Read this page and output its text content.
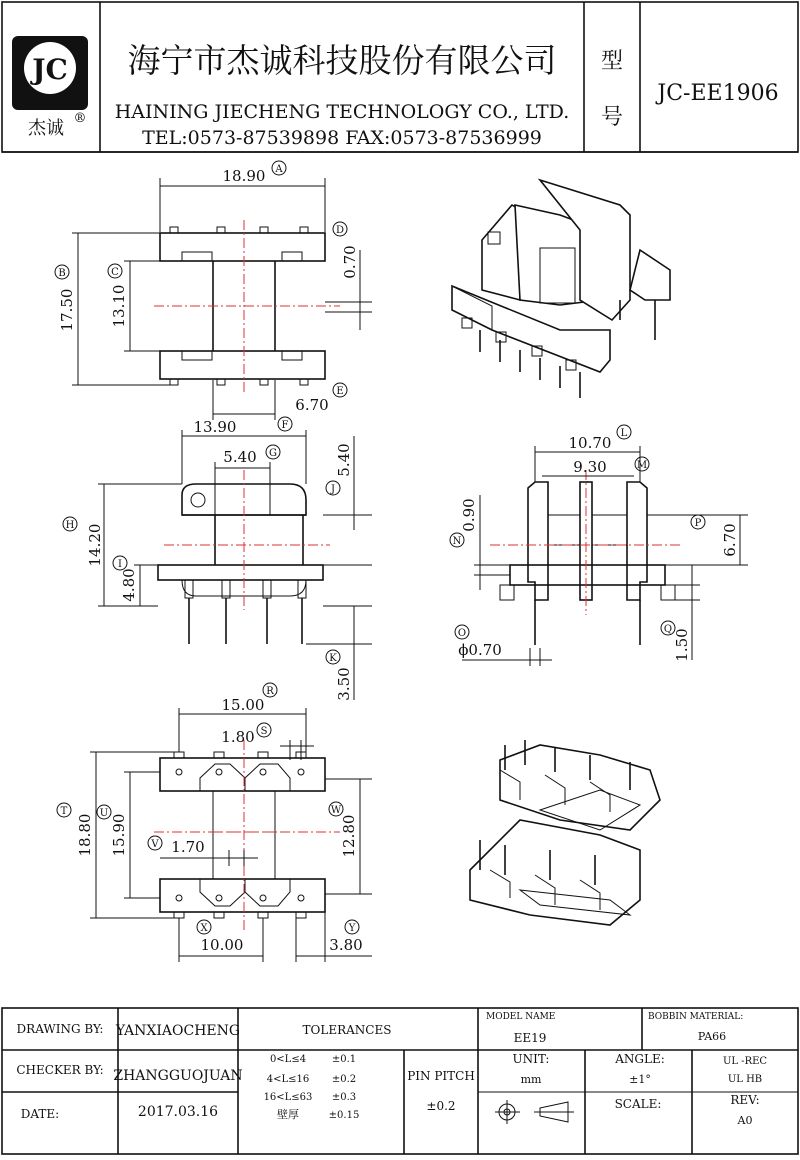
JC
杰诚 ®
海宁市杰诚科技股份有限公司
HAINING JIECHENG TECHNOLOGY CO., LTD.
TEL:0573-87539898 FAX:0573-87536999
型
号
JC-EE1906
18.90 A
17.50
B
13.10
C	0.70
D
6.70
E
13.90	F
5.40 G
14.20
H
4.80
I
5.40
J
3.50
K
10.70
L
9.30	M
0.90
N
ϕ0.70
O
6.70
P
1.50
Q
15.00
R
1.80 S
18.80
T
15.90
U
1.70
V	12.80
W
10.00
X
3.80
Y
DRAWING BY: YANXIAOCHENG
CHECKER BY: ZHANGGUOJUAN
DATE:	2017.03.16
TOLERANCES
0<L≤4	±0.1
4<L≤16 ±0.2
16<L≤63 ±0.3
壁厚	±0.15
PIN PITCH
±0.2
MODEL NAME
EE19
BOBBIN MATERIAL:
PA66
UNIT:
mm
ANGLE:
±1°
UL -REC
UL HB
SCALE:	REV:
A0
